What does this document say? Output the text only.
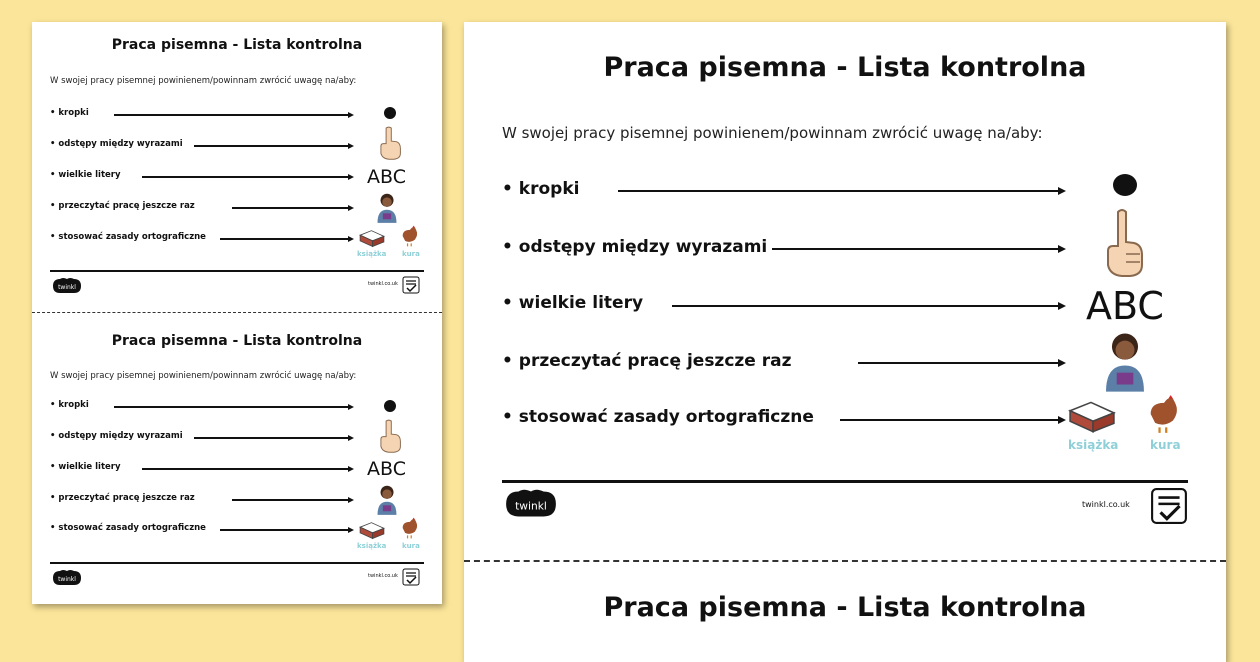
Praca pisemna - Lista kontrolna
W swojej pracy pisemnej powinienem/powinnam zwrócić uwagę na/aby:
• kropki
• odstępy między wyrazami
• wielkie litery
• przeczytać pracę jeszcze raz
• stosować zasady ortograficzne
ABC
książka kura
twinkl	twinkl.co.uk
Praca pisemna - Lista kontrolna
W swojej pracy pisemnej powinienem/powinnam zwrócić uwagę na/aby:
• kropki
• odstępy między wyrazami
• wielkie litery
• przeczytać pracę jeszcze raz
• stosować zasady ortograficzne
ABC
książka kura
twinkl	twinkl.co.uk
Praca pisemna - Lista kontrolna
W swojej pracy pisemnej powinienem/powinnam zwrócić uwagę na/aby:
• kropki
• odstępy między wyrazami
• wielkie litery
• przeczytać pracę jeszcze raz
• stosować zasady ortograficzne
ABC
książka	kura
twinkl	twinkl.co.uk
Praca pisemna - Lista kontrolna
